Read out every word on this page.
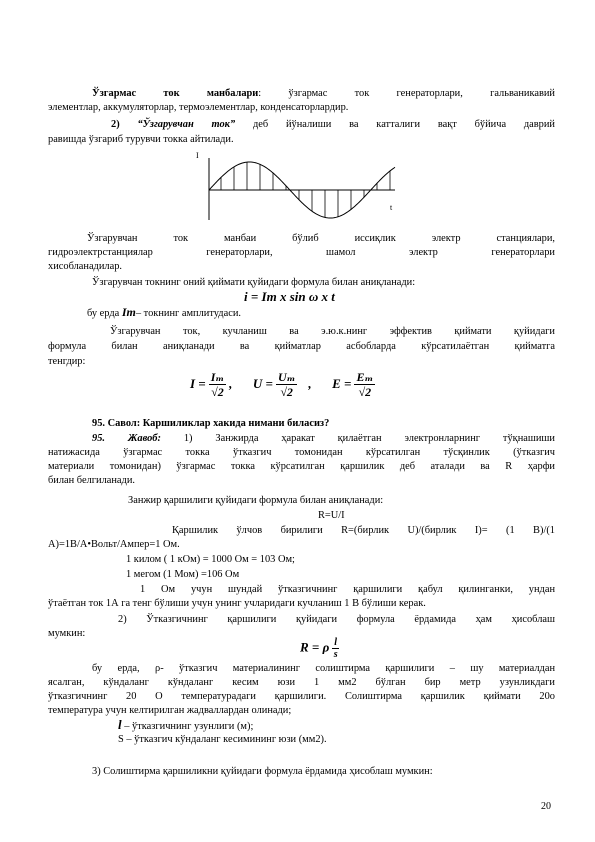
Ўзгармас ток манбалари: ўзгармас ток генераторлари, гальваникавий
элементлар, аккумуляторлар, термоэлементлар, конденсаторлардир.
2) “Ўзгарувчан ток” деб йўналиши ва катталиги вақт бўйича даврий
равишда ўзгариб турувчи токка айтилади.
I
t
Ўзгарувчан ток манбаи бўлиб иссиқлик электр станциялари,
гидроэлектрстанциялар генераторлари, шамол электр генераторлари
хисобланадилар.
Ўзгарувчан токнинг оний қиймати қуйидаги формула билан аниқланади:
i = Im x sin ω x t
бу ерда Im– токнинг амплитудаси.
Ўзгарувчан ток, кучланиш ва э.ю.к.нинг эффектив қиймати қуйидаги
формула билан аниқланади ва қийматлар асбобларда кўрсатилаётган қийматга
тенгдир:
$I = \frac{\text{Iₘ}}{√2}$ , $U = \frac{\text{Uₘ}}{√2}$ , $E = \frac{\text{Eₘ}}{√2}$
95. Савол: Каршиликлар хакида нимани биласиз?
95. Жавоб: 1) Занжирда ҳаракат қилаётган электронларнинг тўқнашиши
натижасида ўзгармас токка ўтказгич томонидан кўрсатилган тўсқинлик (ўтказгич
материали томонидан) ўзгармас токка кўрсатилган қаршилик деб аталади ва R ҳарфи
билан белгиланади.
Занжир қаршилиги қуйидаги формула билан аниқланади:
R=U/I
Қаршилик ўлчов бирилиги R=(бирлик U)/(бирлик I)= (1 В)/(1
А)=1В/А•Вольт/Ампер=1 Ом.
1 килом ( 1 кОм) = 1000 Ом = 103 Ом;
1 мегом (1 Мом) =106 Ом
1 Ом учун шундай ўтказгичнинг қаршилиги қабул қилинганки, ундан
ўтаётган ток 1А га тенг бўлиши учун унинг учларидаги кучланиш 1 В бўлиши керак.
2) Ўтказгичнинг қаршилиги қуйидаги формула ёрдамида ҳам ҳисоблаш
мумкин:
R = ρ $\frac{l}{s}$
бу ерда, ρ- ўтказгич материалининг солиштирма қаршилиги – шу материалдан
ясалган, кўндаланг кўндаланг кесим юзи 1 мм2 бўлган бир метр узунликдаги
ўтказгичнинг 20 О температурадаги қаршилиги. Солиштирма қаршилик қиймати 20о
температура учун келтирилган жадваллардан олинади;
l – ўтказгичнинг узунлиги (м);
S – ўтказгич кўндаланг кесимининг юзи (мм2).
3) Солиштирма қаршиликни қуйидаги формула ёрдамида ҳисоблаш мумкин:
20
